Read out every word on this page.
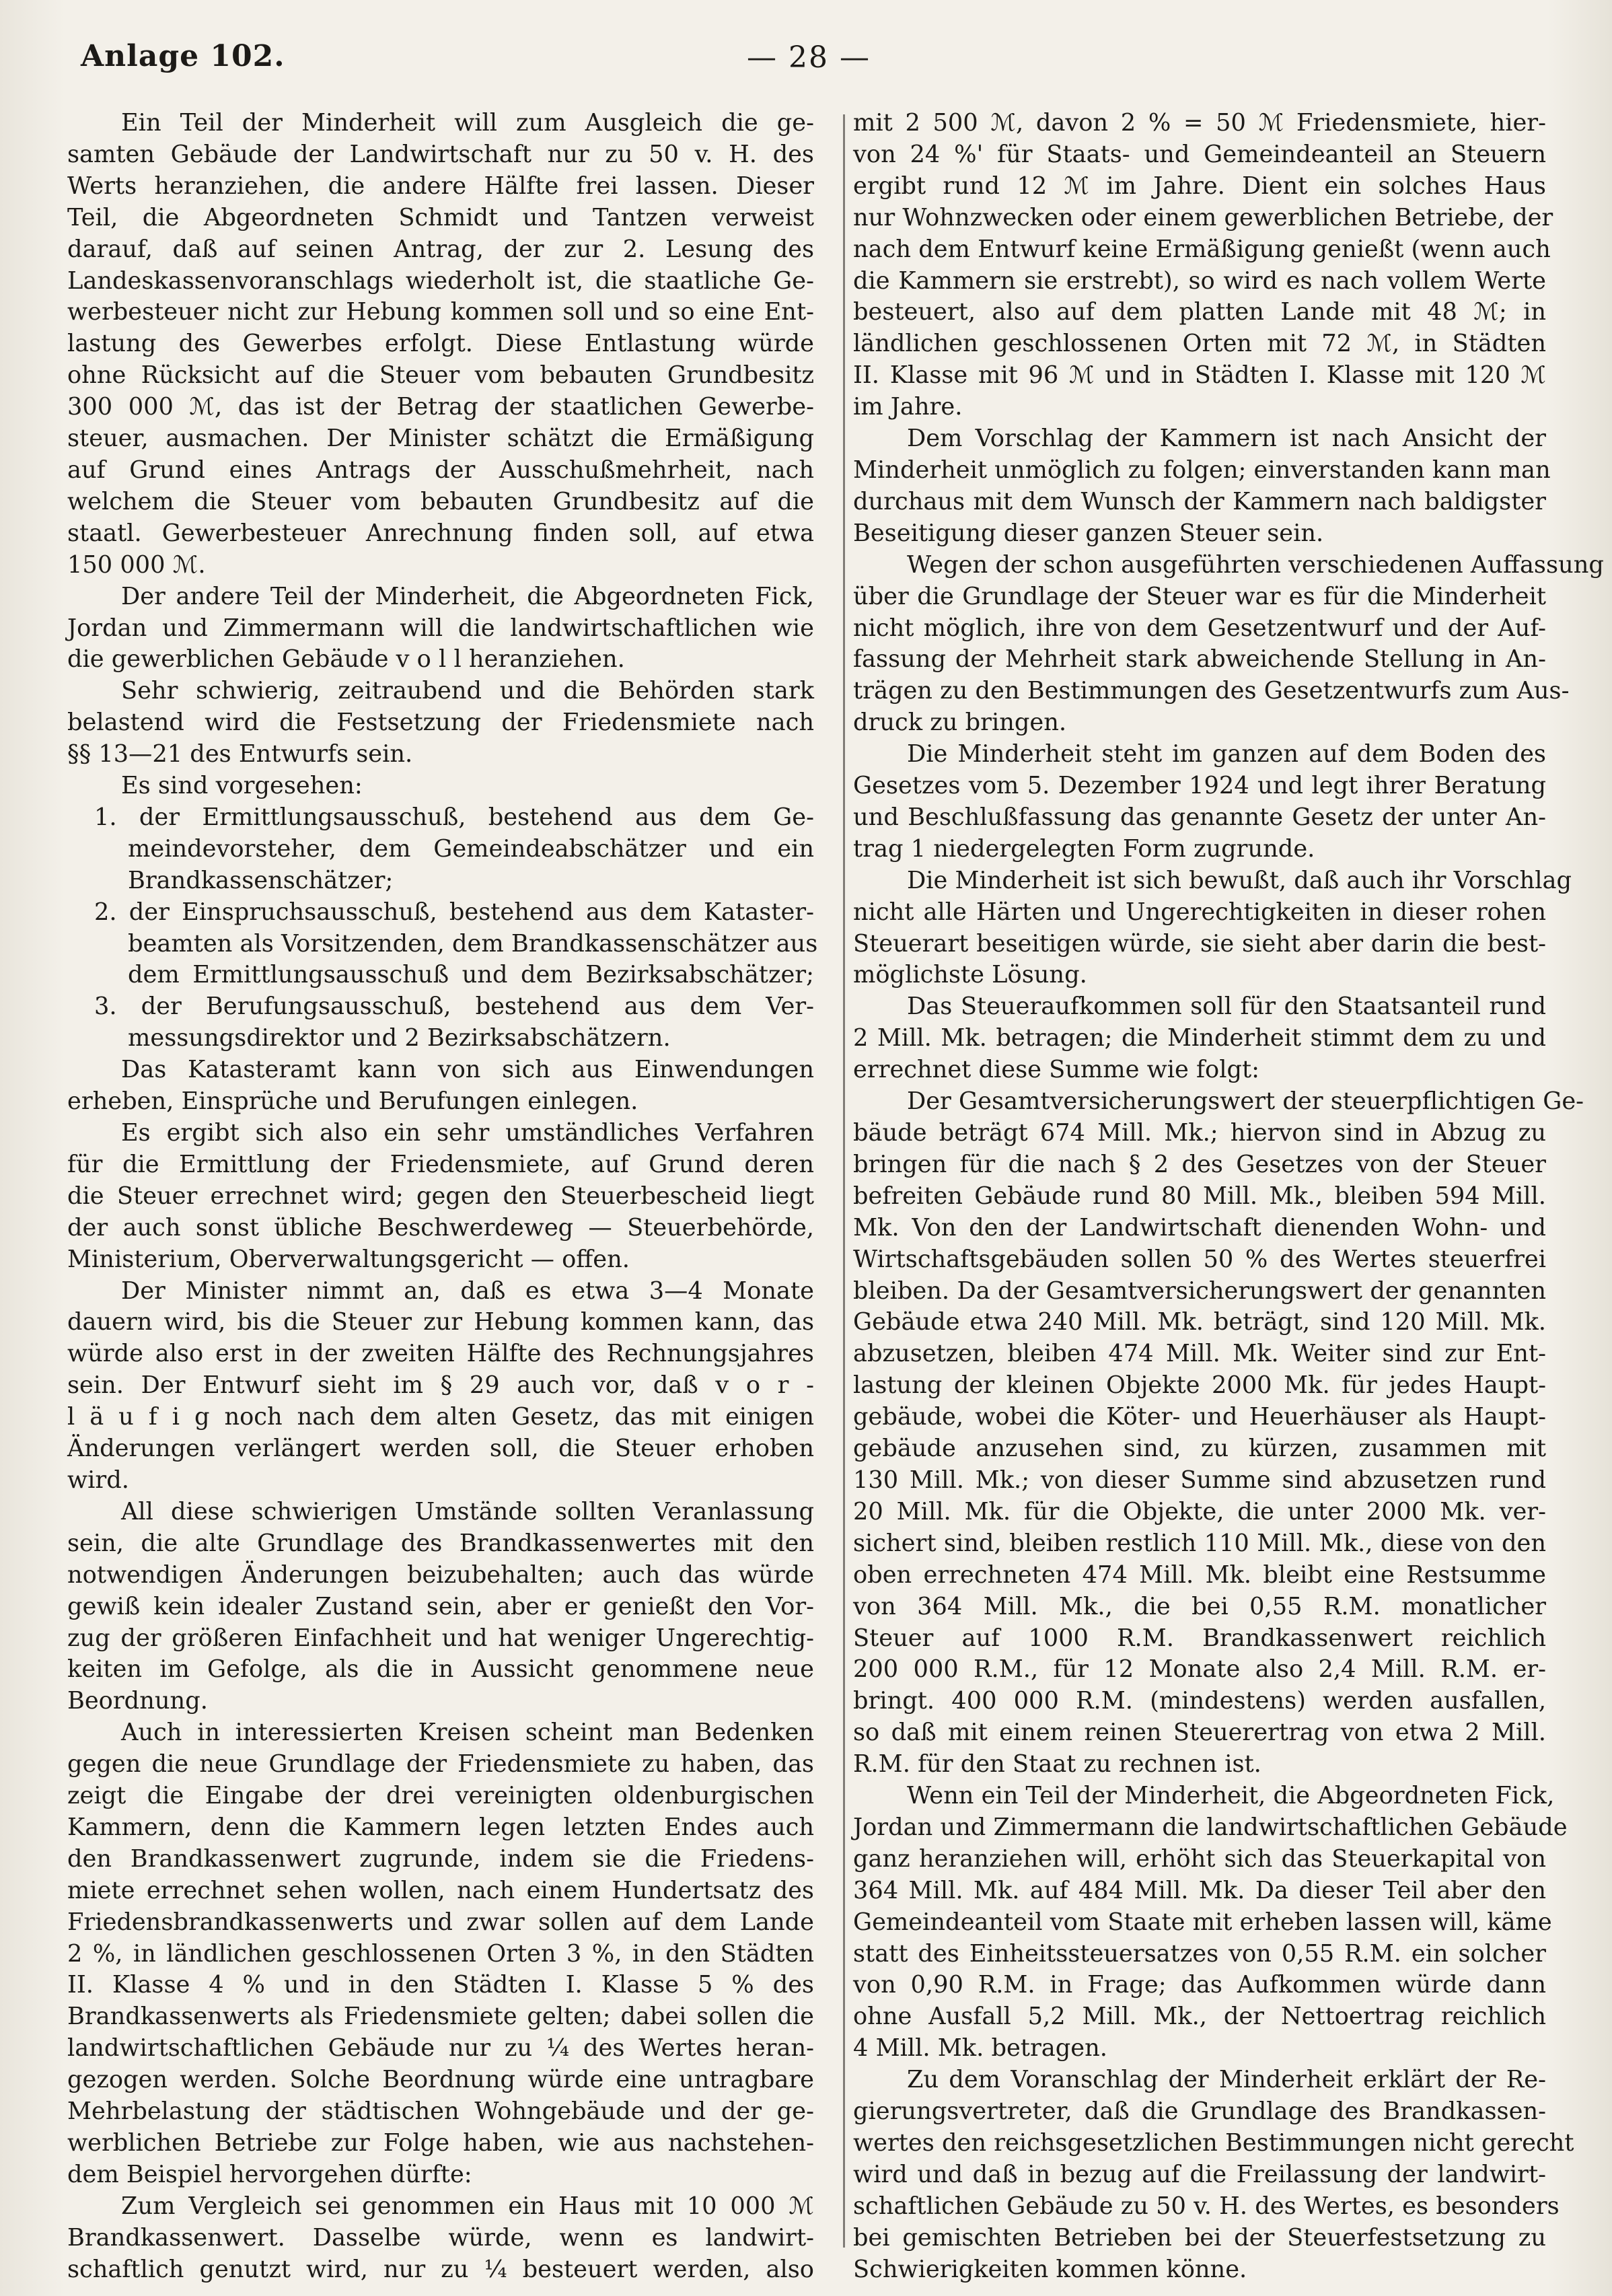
Anlage 102.	— 28 —

Ein Teil der Minderheit will zum Ausgleich die ge-
samten Gebäude der Landwirtschaft nur zu 50 v. H. des
Werts heranziehen, die andere Hälfte frei lassen. Dieser
Teil, die Abgeordneten Schmidt und Tantzen verweist
darauf, daß auf seinen Antrag, der zur 2. Lesung des
Landeskassenvoranschlags wiederholt ist, die staatliche Ge-
werbesteuer nicht zur Hebung kommen soll und so eine Ent-
lastung des Gewerbes erfolgt. Diese Entlastung würde
ohne Rücksicht auf die Steuer vom bebauten Grundbesitz
300 000 ℳ, das ist der Betrag der staatlichen Gewerbe-
steuer, ausmachen. Der Minister schätzt die Ermäßigung
auf Grund eines Antrags der Ausschußmehrheit, nach
welchem die Steuer vom bebauten Grundbesitz auf die
staatl. Gewerbesteuer Anrechnung finden soll, auf etwa
150 000 ℳ.

Der andere Teil der Minderheit, die Abgeordneten Fick,
Jordan und Zimmermann will die landwirtschaftlichen wie
die gewerblichen Gebäude v o l l heranziehen.

Sehr schwierig, zeitraubend und die Behörden stark
belastend wird die Festsetzung der Friedensmiete nach
§§ 13—21 des Entwurfs sein.
Es sind vorgesehen:
1. der Ermittlungsausschuß, bestehend aus dem Ge-
meindevorsteher, dem Gemeindeabschätzer und ein
Brandkassenschätzer;
2. der Einspruchsausschuß, bestehend aus dem Kataster-
beamten als Vorsitzenden, dem Brandkassenschätzer aus
dem Ermittlungsausschuß und dem Bezirksabschätzer;
3. der Berufungsausschuß, bestehend aus dem Ver-
messungsdirektor und 2 Bezirksabschätzern.

Das Katasteramt kann von sich aus Einwendungen
erheben, Einsprüche und Berufungen einlegen.
Es ergibt sich also ein sehr umständliches Verfahren
für die Ermittlung der Friedensmiete, auf Grund deren
die Steuer errechnet wird; gegen den Steuerbescheid liegt
der auch sonst übliche Beschwerdeweg — Steuerbehörde,
Ministerium, Oberverwaltungsgericht — offen.

Der Minister nimmt an, daß es etwa 3—4 Monate
dauern wird, bis die Steuer zur Hebung kommen kann, das
würde also erst in der zweiten Hälfte des Rechnungsjahres
sein. Der Entwurf sieht im § 29 auch vor, daß v o r -
l ä u f i g noch nach dem alten Gesetz, das mit einigen
Änderungen verlängert werden soll, die Steuer erhoben
wird.

All diese schwierigen Umstände sollten Veranlassung
sein, die alte Grundlage des Brandkassenwertes mit den
notwendigen Änderungen beizubehalten; auch das würde
gewiß kein idealer Zustand sein, aber er genießt den Vor-
zug der größeren Einfachheit und hat weniger Ungerechtig-
keiten im Gefolge, als die in Aussicht genommene neue
Beordnung.

Auch in interessierten Kreisen scheint man Bedenken
gegen die neue Grundlage der Friedensmiete zu haben, das
zeigt die Eingabe der drei vereinigten oldenburgischen
Kammern, denn die Kammern legen letzten Endes auch
den Brandkassenwert zugrunde, indem sie die Friedens-
miete errechnet sehen wollen, nach einem Hundertsatz des
Friedensbrandkassenwerts und zwar sollen auf dem Lande
2 %, in ländlichen geschlossenen Orten 3 %, in den Städten
II. Klasse 4 % und in den Städten I. Klasse 5 % des
Brandkassenwerts als Friedensmiete gelten; dabei sollen die
landwirtschaftlichen Gebäude nur zu ¼ des Wertes heran-
gezogen werden. Solche Beordnung würde eine untragbare
Mehrbelastung der städtischen Wohngebäude und der ge-
werblichen Betriebe zur Folge haben, wie aus nachstehen-
dem Beispiel hervorgehen dürfte:

Zum Vergleich sei genommen ein Haus mit 10 000 ℳ
Brandkassenwert. Dasselbe würde, wenn es landwirt-
schaftlich genutzt wird, nur zu ¼ besteuert werden, also

mit 2 500 ℳ, davon 2 % = 50 ℳ Friedensmiete, hier-
von 24 %' für Staats- und Gemeindeanteil an Steuern
ergibt rund 12 ℳ im Jahre. Dient ein solches Haus
nur Wohnzwecken oder einem gewerblichen Betriebe, der
nach dem Entwurf keine Ermäßigung genießt (wenn auch
die Kammern sie erstrebt), so wird es nach vollem Werte
besteuert, also auf dem platten Lande mit 48 ℳ; in
ländlichen geschlossenen Orten mit 72 ℳ, in Städten
II. Klasse mit 96 ℳ und in Städten I. Klasse mit 120 ℳ
im Jahre.

Dem Vorschlag der Kammern ist nach Ansicht der
Minderheit unmöglich zu folgen; einverstanden kann man
durchaus mit dem Wunsch der Kammern nach baldigster
Beseitigung dieser ganzen Steuer sein.

Wegen der schon ausgeführten verschiedenen Auffassung
über die Grundlage der Steuer war es für die Minderheit
nicht möglich, ihre von dem Gesetzentwurf und der Auf-
fassung der Mehrheit stark abweichende Stellung in An-
trägen zu den Bestimmungen des Gesetzentwurfs zum Aus-
druck zu bringen.

Die Minderheit steht im ganzen auf dem Boden des
Gesetzes vom 5. Dezember 1924 und legt ihrer Beratung
und Beschlußfassung das genannte Gesetz der unter An-
trag 1 niedergelegten Form zugrunde.

Die Minderheit ist sich bewußt, daß auch ihr Vorschlag
nicht alle Härten und Ungerechtigkeiten in dieser rohen
Steuerart beseitigen würde, sie sieht aber darin die best-
möglichste Lösung.

Das Steueraufkommen soll für den Staatsanteil rund
2 Mill. Mk. betragen; die Minderheit stimmt dem zu und
errechnet diese Summe wie folgt:

Der Gesamtversicherungswert der steuerpflichtigen Ge-
bäude beträgt 674 Mill. Mk.; hiervon sind in Abzug zu
bringen für die nach § 2 des Gesetzes von der Steuer
befreiten Gebäude rund 80 Mill. Mk., bleiben 594 Mill.
Mk. Von den der Landwirtschaft dienenden Wohn- und
Wirtschaftsgebäuden sollen 50 % des Wertes steuerfrei
bleiben. Da der Gesamtversicherungswert der genannten
Gebäude etwa 240 Mill. Mk. beträgt, sind 120 Mill. Mk.
abzusetzen, bleiben 474 Mill. Mk. Weiter sind zur Ent-
lastung der kleinen Objekte 2000 Mk. für jedes Haupt-
gebäude, wobei die Köter- und Heuerhäuser als Haupt-
gebäude anzusehen sind, zu kürzen, zusammen mit
130 Mill. Mk.; von dieser Summe sind abzusetzen rund
20 Mill. Mk. für die Objekte, die unter 2000 Mk. ver-
sichert sind, bleiben restlich 110 Mill. Mk., diese von den
oben errechneten 474 Mill. Mk. bleibt eine Restsumme
von 364 Mill. Mk., die bei 0,55 R.M. monatlicher
Steuer auf 1000 R.M. Brandkassenwert reichlich
200 000 R.M., für 12 Monate also 2,4 Mill. R.M. er-
bringt. 400 000 R.M. (mindestens) werden ausfallen,
so daß mit einem reinen Steuerertrag von etwa 2 Mill.
R.M. für den Staat zu rechnen ist.

Wenn ein Teil der Minderheit, die Abgeordneten Fick,
Jordan und Zimmermann die landwirtschaftlichen Gebäude
ganz heranziehen will, erhöht sich das Steuerkapital von
364 Mill. Mk. auf 484 Mill. Mk. Da dieser Teil aber den
Gemeindeanteil vom Staate mit erheben lassen will, käme
statt des Einheitssteuersatzes von 0,55 R.M. ein solcher
von 0,90 R.M. in Frage; das Aufkommen würde dann
ohne Ausfall 5,2 Mill. Mk., der Nettoertrag reichlich
4 Mill. Mk. betragen.

Zu dem Voranschlag der Minderheit erklärt der Re-
gierungsvertreter, daß die Grundlage des Brandkassen-
wertes den reichsgesetzlichen Bestimmungen nicht gerecht
wird und daß in bezug auf die Freilassung der landwirt-
schaftlichen Gebäude zu 50 v. H. des Wertes, es besonders
bei gemischten Betrieben bei der Steuerfestsetzung zu
Schwierigkeiten kommen könne.
